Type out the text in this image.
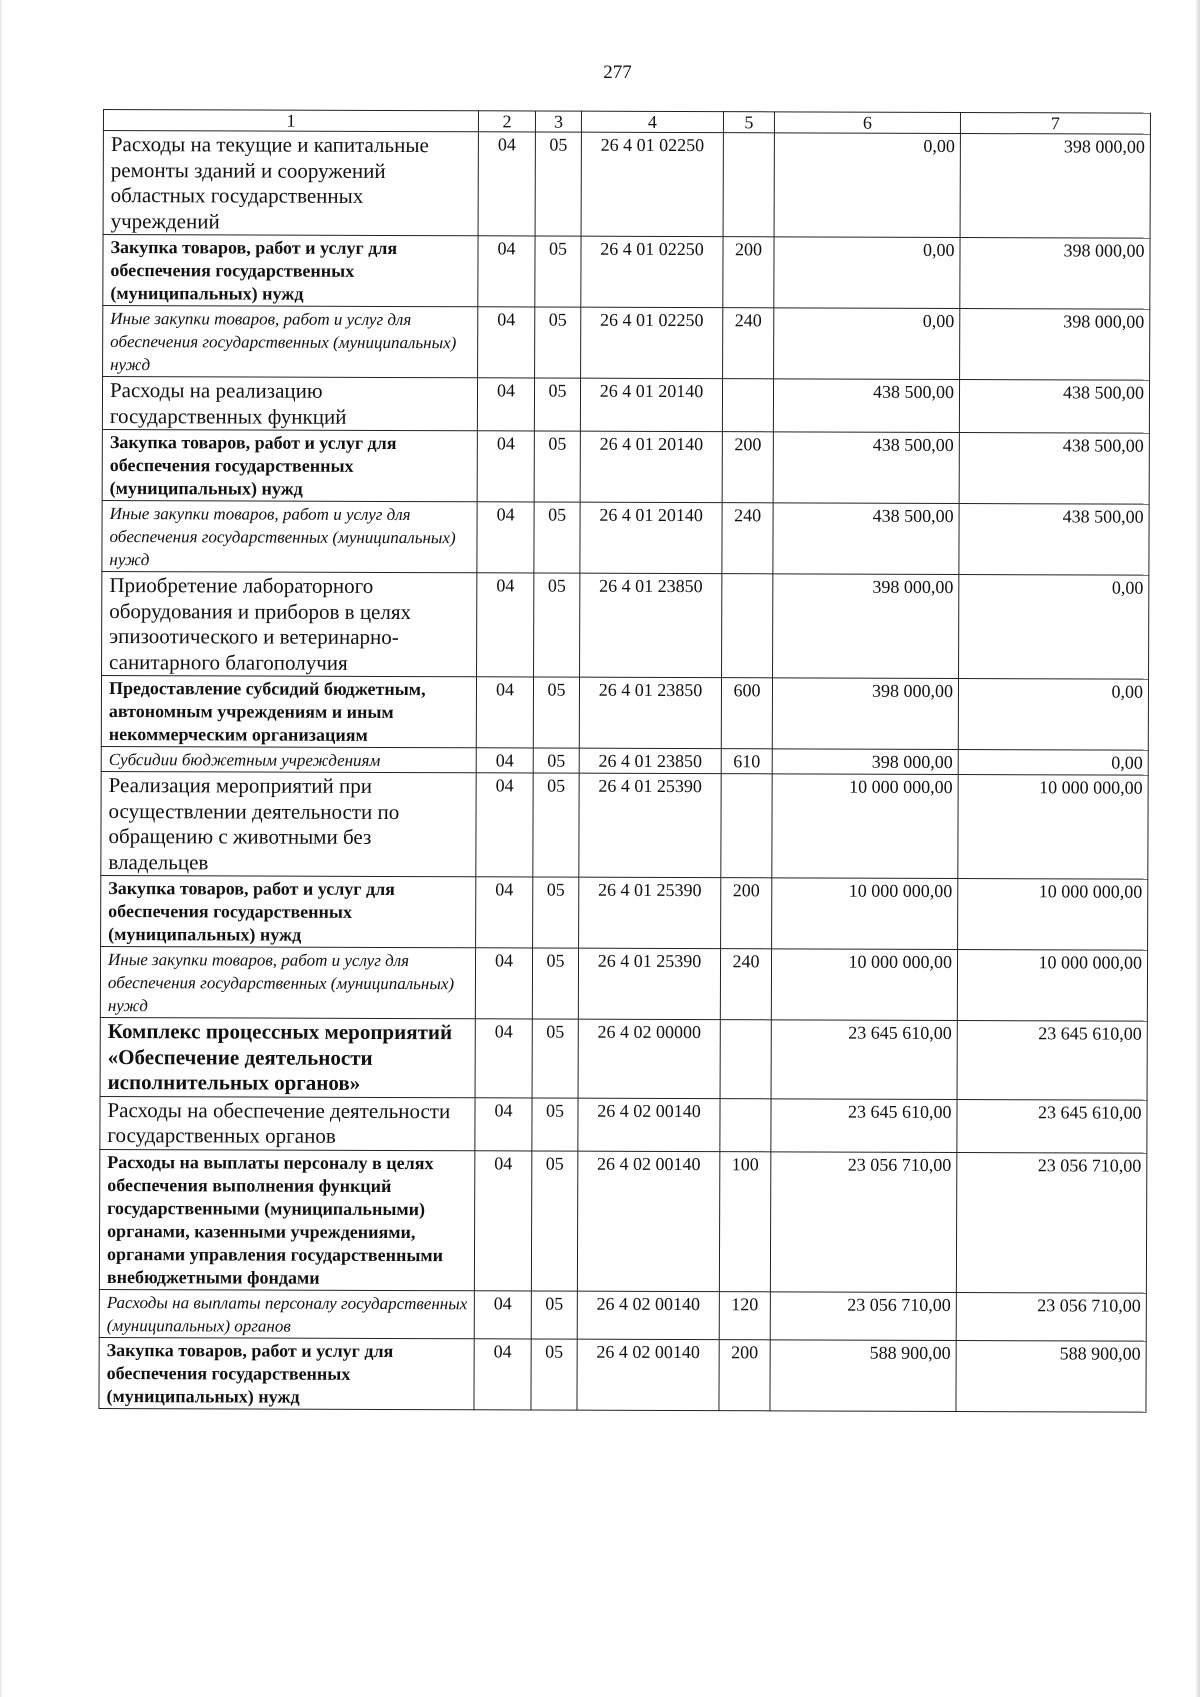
277
1	2	3	4	5	6	7
Расходы на текущие и капитальные ремонты зданий и сооружений областных государственных учреждений	04	05	26 4 01 02250		0,00	398 000,00
Закупка товаров, работ и услуг для обеспечения государственных (муниципальных) нужд	04	05	26 4 01 02250	200	0,00	398 000,00
Иные закупки товаров, работ и услуг для обеспечения государственных (муниципальных) нужд	04	05	26 4 01 02250	240	0,00	398 000,00
Расходы на реализацию государственных функций	04	05	26 4 01 20140		438 500,00	438 500,00
Закупка товаров, работ и услуг для обеспечения государственных (муниципальных) нужд	04	05	26 4 01 20140	200	438 500,00	438 500,00
Иные закупки товаров, работ и услуг для обеспечения государственных (муниципальных) нужд	04	05	26 4 01 20140	240	438 500,00	438 500,00
Приобретение лабораторного оборудования и приборов в целях эпизоотического и ветеринарно-санитарного благополучия	04	05	26 4 01 23850		398 000,00	0,00
Предоставление субсидий бюджетным, автономным учреждениям и иным некоммерческим организациям	04	05	26 4 01 23850	600	398 000,00	0,00
Субсидии бюджетным учреждениям	04	05	26 4 01 23850	610	398 000,00	0,00
Реализация мероприятий при осуществлении деятельности по обращению с животными без владельцев	04	05	26 4 01 25390		10 000 000,00	10 000 000,00
Закупка товаров, работ и услуг для обеспечения государственных (муниципальных) нужд	04	05	26 4 01 25390	200	10 000 000,00	10 000 000,00
Иные закупки товаров, работ и услуг для обеспечения государственных (муниципальных) нужд	04	05	26 4 01 25390	240	10 000 000,00	10 000 000,00
Комплекс процессных мероприятий «Обеспечение деятельности исполнительных органов»	04	05	26 4 02 00000		23 645 610,00	23 645 610,00
Расходы на обеспечение деятельности государственных органов	04	05	26 4 02 00140		23 645 610,00	23 645 610,00
Расходы на выплаты персоналу в целях обеспечения выполнения функций государственными (муниципальными) органами, казенными учреждениями, органами управления государственными внебюджетными фондами	04	05	26 4 02 00140	100	23 056 710,00	23 056 710,00
Расходы на выплаты персоналу государственных (муниципальных) органов	04	05	26 4 02 00140	120	23 056 710,00	23 056 710,00
Закупка товаров, работ и услуг для обеспечения государственных (муниципальных) нужд	04	05	26 4 02 00140	200	588 900,00	588 900,00
